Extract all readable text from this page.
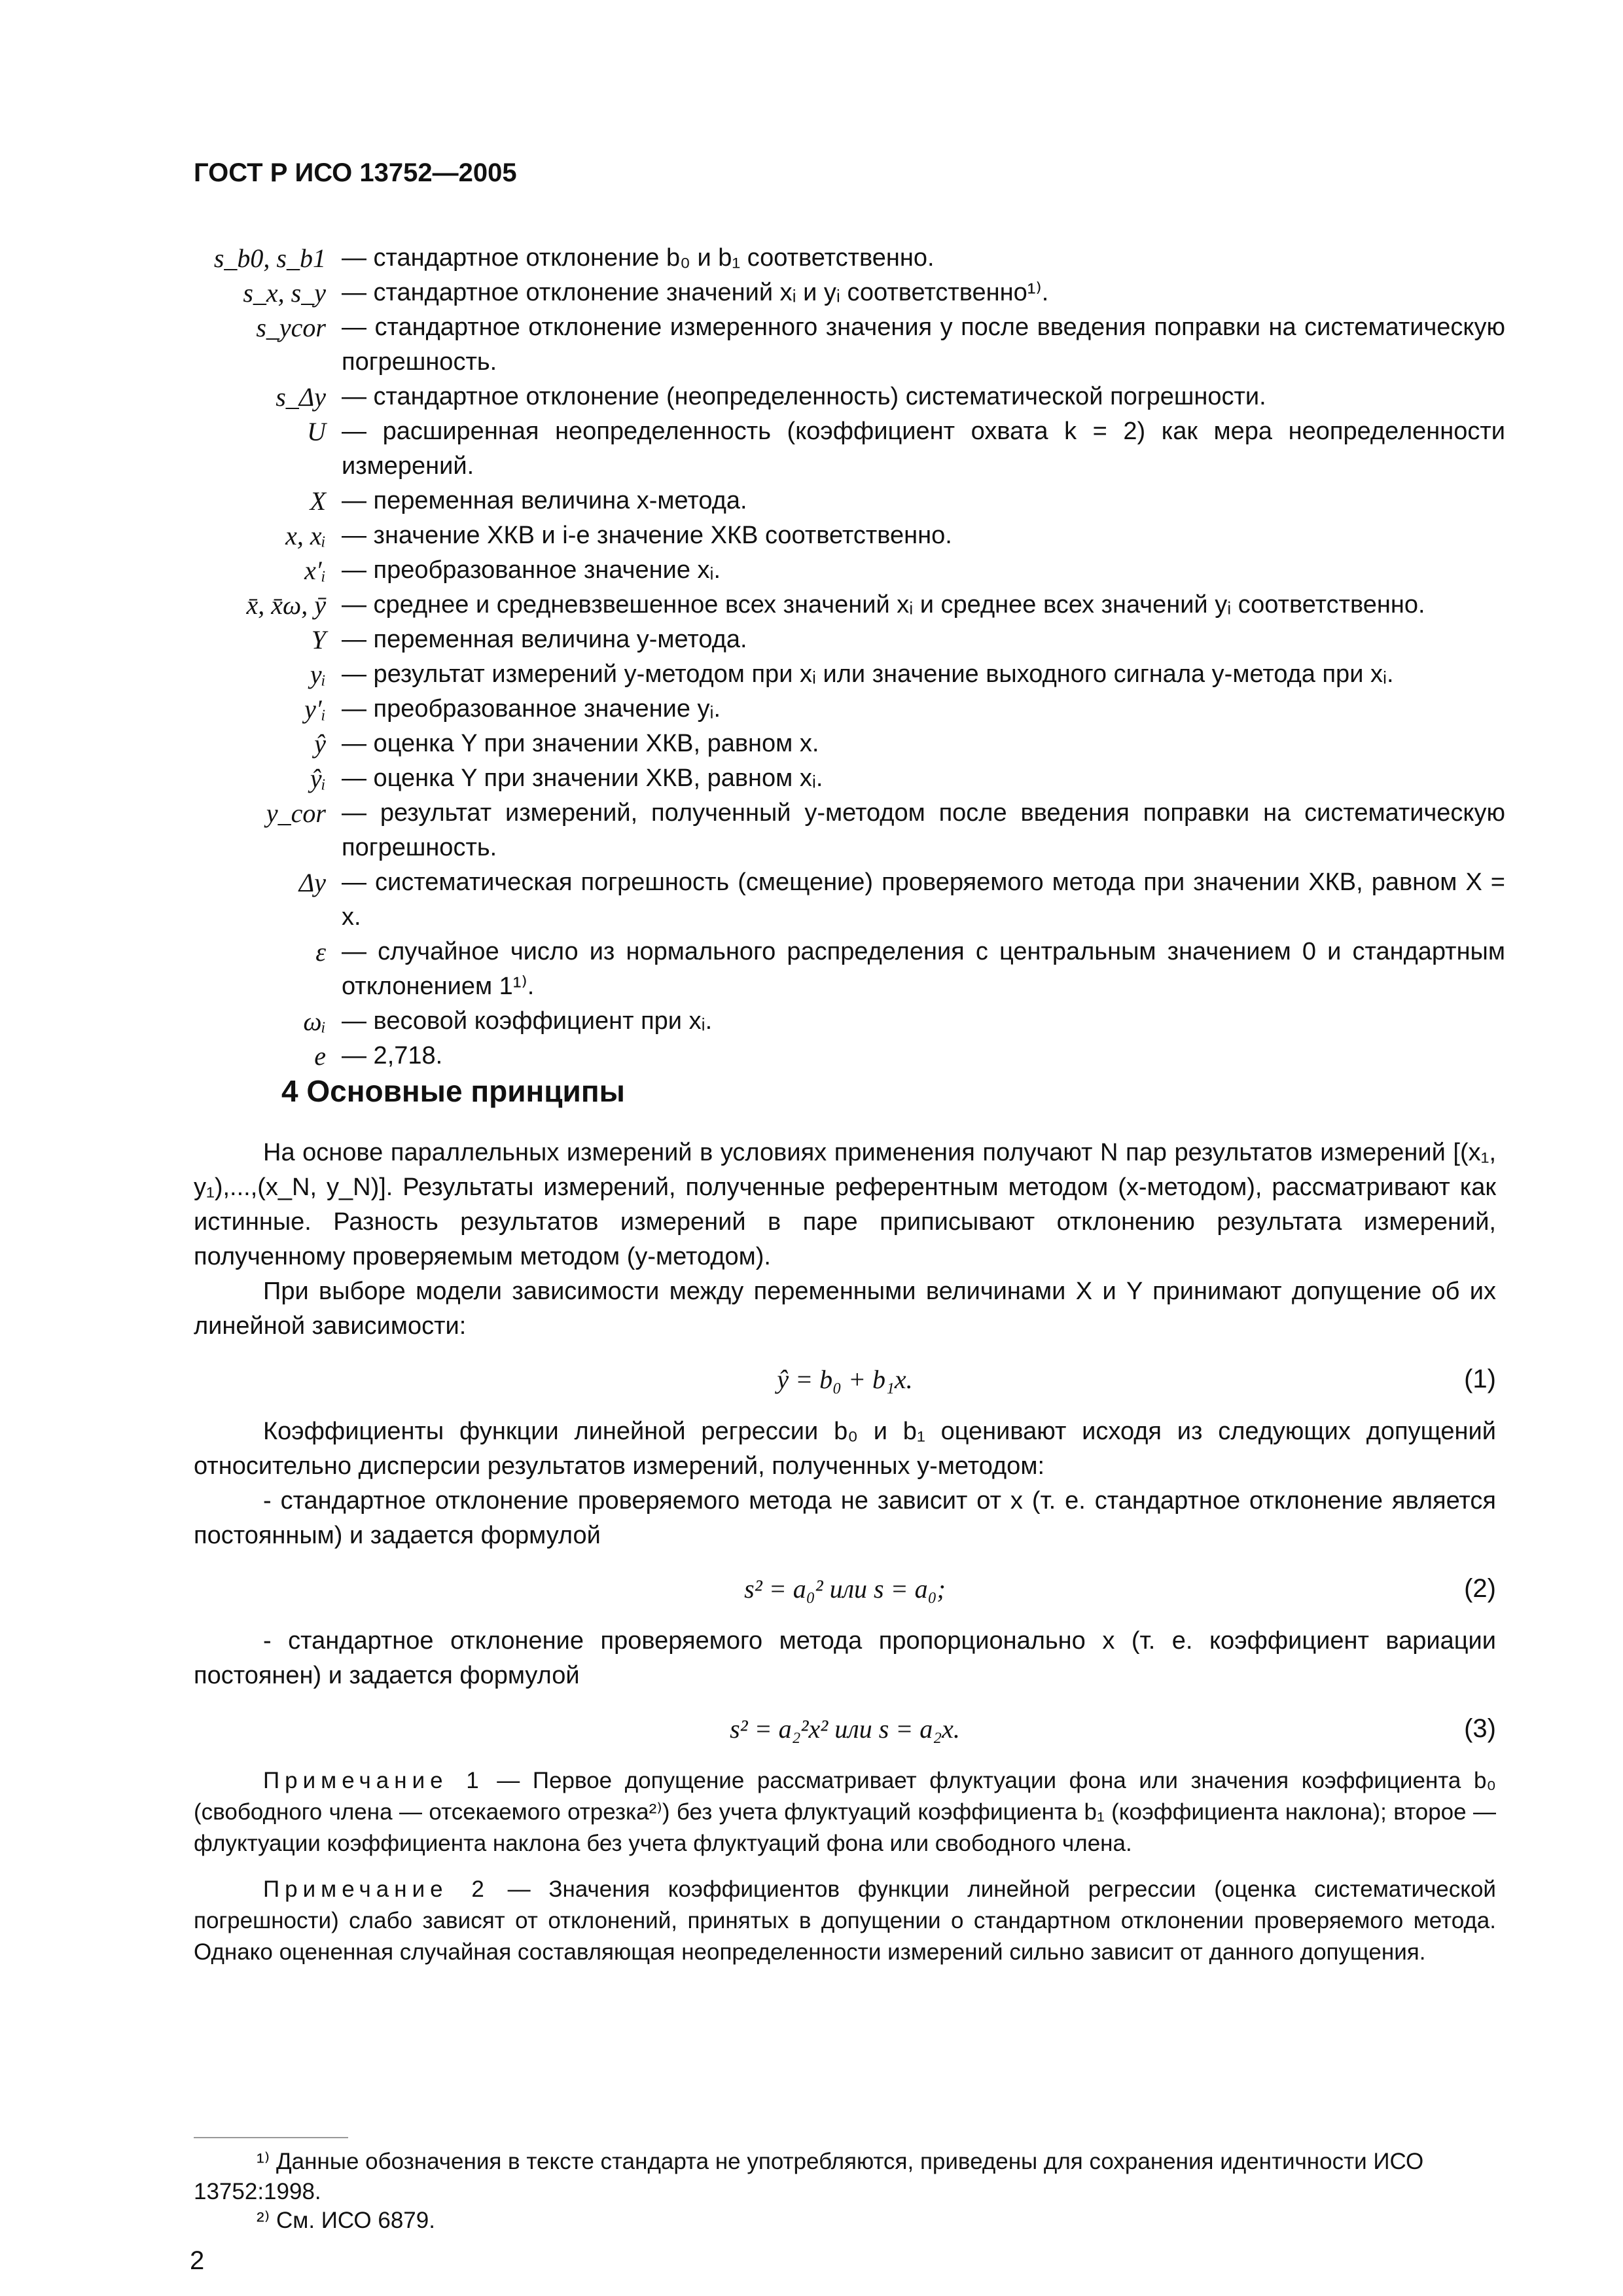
ГОСТ Р ИСО 13752—2005
s_b0, s_b1 — стандартное отклонение b₀ и b₁ соответственно.
s_x, s_y — стандартное отклонение значений xᵢ и yᵢ соответственно¹⁾.
s_ycor — стандартное отклонение измеренного значения y после введения поправки на систематическую погрешность.
s_Δy — стандартное отклонение (неопределенность) систематической погрешности.
U — расширенная неопределенность (коэффициент охвата k = 2) как мера неопределенности измерений.
X — переменная величина x-метода.
x, xᵢ — значение ХКВ и i-е значение ХКВ соответственно.
x′ᵢ — преобразованное значение xᵢ.
x̄, x̄ω, ȳ — среднее и средневзвешенное всех значений xᵢ и среднее всех значений yᵢ соответственно.
Y — переменная величина y-метода.
yᵢ — результат измерений y-методом при xᵢ или значение выходного сигнала y-метода при xᵢ.
y′ᵢ — преобразованное значение yᵢ.
ŷ — оценка Y при значении ХКВ, равном x.
ŷᵢ — оценка Y при значении ХКВ, равном xᵢ.
y_cor — результат измерений, полученный y-методом после введения поправки на систематическую погрешность.
Δy — систематическая погрешность (смещение) проверяемого метода при значении ХКВ, равном X = x.
ε — случайное число из нормального распределения с центральным значением 0 и стандартным отклонением 1¹⁾.
ωᵢ — весовой коэффициент при xᵢ.
e — 2,718.
4 Основные принципы

На основе параллельных измерений в условиях применения получают N пар результатов измерений [(x₁, y₁),...,(x_N, y_N)]. Результаты измерений, полученные референтным методом (x-методом), рассматривают как истинные. Разность результатов измерений в паре приписывают отклонению результата измерений, полученному проверяемым методом (y-методом).

При выборе модели зависимости между переменными величинами X и Y принимают допущение об их линейной зависимости:

ŷ = b₀ + b₁x.	(1)

Коэффициенты функции линейной регрессии b₀ и b₁ оценивают исходя из следующих допущений относительно дисперсии результатов измерений, полученных y-методом:

- стандартное отклонение проверяемого метода не зависит от x (т. е. стандартное отклонение является постоянным) и задается формулой

s² = a₀² или s = a₀;	(2)

- стандартное отклонение проверяемого метода пропорционально x (т. е. коэффициент вариации постоянен) и задается формулой

s² = a₂²x² или s = a₂x.	(3)
Примечание 1 — Первое допущение рассматривает флуктуации фона или значения коэффициента b₀ (свободного члена — отсекаемого отрезка²⁾) без учета флуктуаций коэффициента b₁ (коэффициента наклона); второе — флуктуации коэффициента наклона без учета флуктуаций фона или свободного члена.
Примечание 2 — Значения коэффициентов функции линейной регрессии (оценка систематической погрешности) слабо зависят от отклонений, принятых в допущении о стандартном отклонении проверяемого метода. Однако оцененная случайная составляющая неопределенности измерений сильно зависит от данного допущения.

¹⁾ Данные обозначения в тексте стандарта не употребляются, приведены для сохранения идентичности ИСО 13752:1998.

²⁾ См. ИСО 6879.

2
